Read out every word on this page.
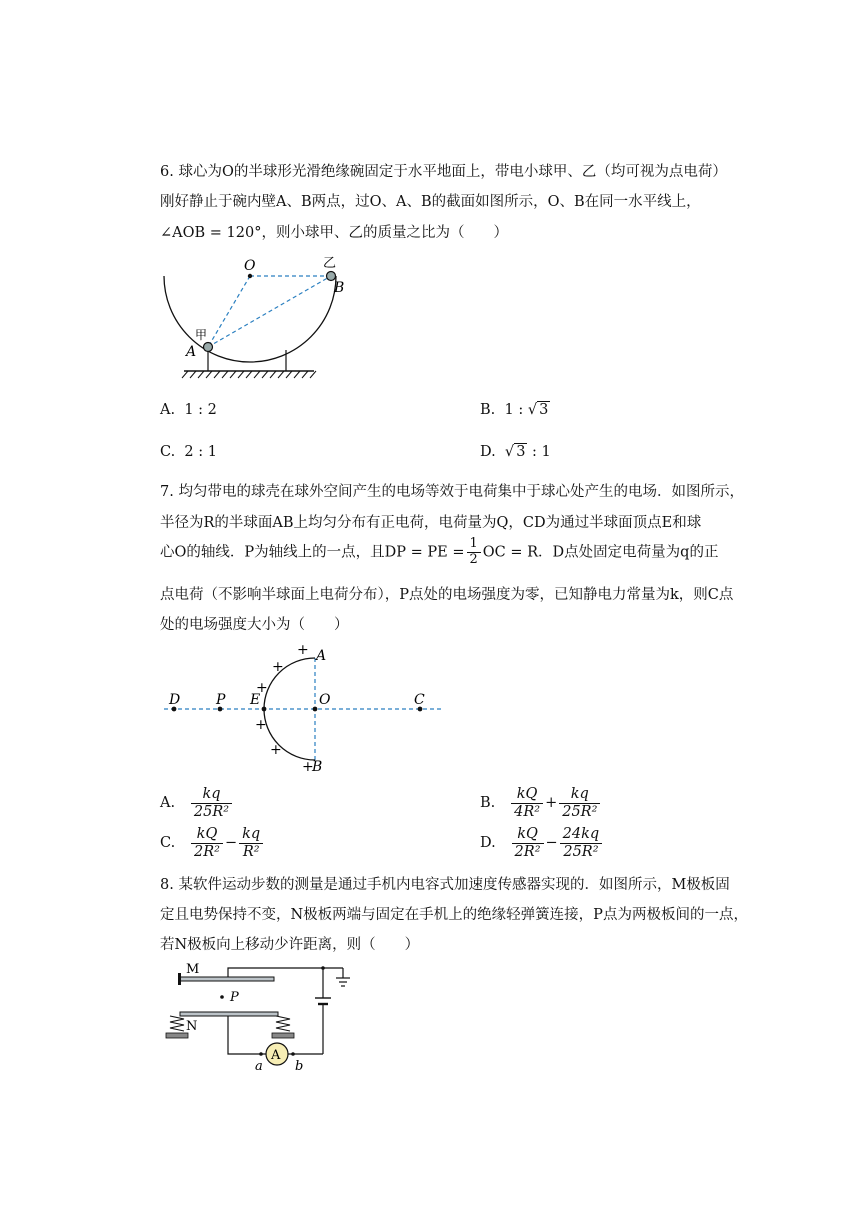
6. 球心为O的半球形光滑绝缘碗固定于水平地面上，带电小球甲、乙（均可视为点电荷）
刚好静止于碗内壁A、B两点，过O、A、B的截面如图所示，O、B在同一水平线上，
∠AOB = 120°，则小球甲、乙的质量之比为（　　）
O	乙
B
甲
A
A. 1 : 2	B. 1 : √ 3
C. 2 : 1	D.  √ 3 : 1
7. 均匀带电的球壳在球外空间产生的电场等效于电荷集中于球心处产生的电场．如图所示，
半径为R的半球面AB上均匀分布有正电荷，电荷量为Q，CD为通过半球面顶点E和球
心O的轴线．P为轴线上的一点，且DP = PE = $\frac{1}{2}$ OC = R．D点处固定电荷量为q的正
点电荷（不影响半球面上电荷分布），P点处的电场强度为零，已知静电力常量为k，则C点
处的电场强度大小为（　　）
D	P E	O	C
A
B
+
+
+
+
+
+
A. $\frac{kq}{\text{25R²}}$	B. $\frac{kQ}{\text{4R²}} + \frac{kq}{\text{25R²}}$
C. $\frac{kQ}{\text{2R²}} - \frac{kq}{\text{R²}}$	D. $\frac{kQ}{\text{2R²}} - \frac{24kq}{\text{25R²}}$
8. 某软件运动步数的测量是通过手机内电容式加速度传感器实现的．如图所示，M极板固
定且电势保持不变，N极板两端与固定在手机上的绝缘轻弹簧连接，P点为两极板间的一点，
若N极板向上移动少许距离，则（　　）
P
A
a b
M
N
